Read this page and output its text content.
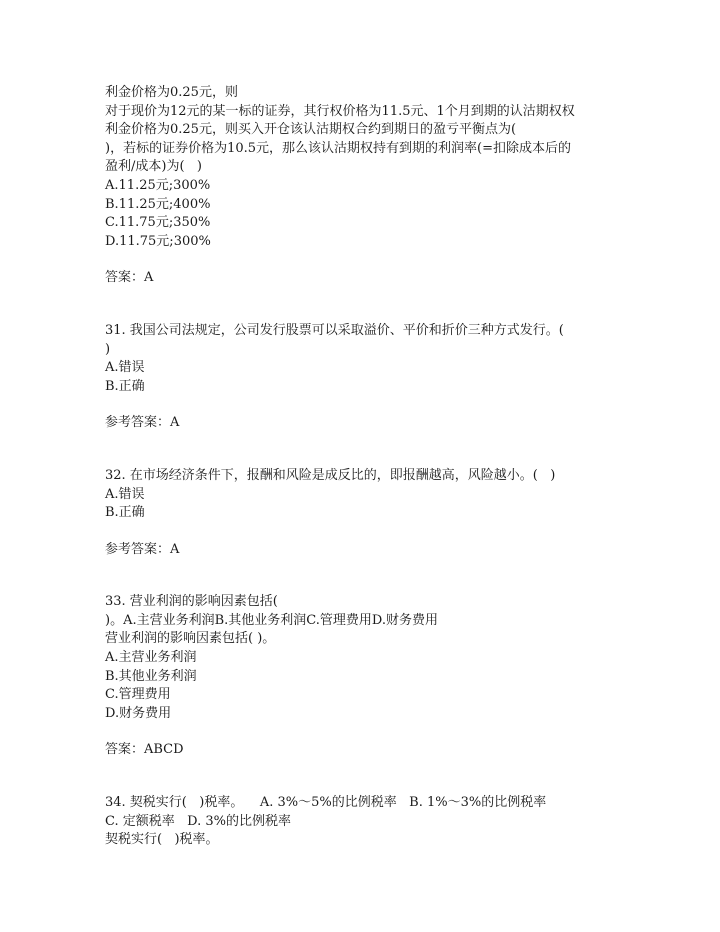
利金价格为0.25元，则
对于现价为12元的某一标的证券，其行权价格为11.5元、1个月到期的认沽期权权
利金价格为0.25元，则买入开仓该认沽期权合约到期日的盈亏平衡点为(
)，若标的证券价格为10.5元，那么该认沽期权持有到期的利润率(=扣除成本后的
盈利/成本)为(   )
A.11.25元;300%
B.11.25元;400%
C.11.75元;350%
D.11.75元;300%
答案：A
31. 我国公司法规定，公司发行股票可以采取溢价、平价和折价三种方式发行。(
)
A.错误
B.正确
参考答案：A
32. 在市场经济条件下，报酬和风险是成反比的，即报酬越高，风险越小。(   )
A.错误
B.正确
参考答案：A
33. 营业利润的影响因素包括(
)。A.主营业务利润B.其他业务利润C.管理费用D.财务费用
营业利润的影响因素包括( )。
A.主营业务利润
B.其他业务利润
C.管理费用
D.财务费用
答案：ABCD
34. 契税实行(   )税率。    A. 3%～5%的比例税率   B. 1%～3%的比例税率
C. 定额税率   D. 3%的比例税率
契税实行(   )税率。
